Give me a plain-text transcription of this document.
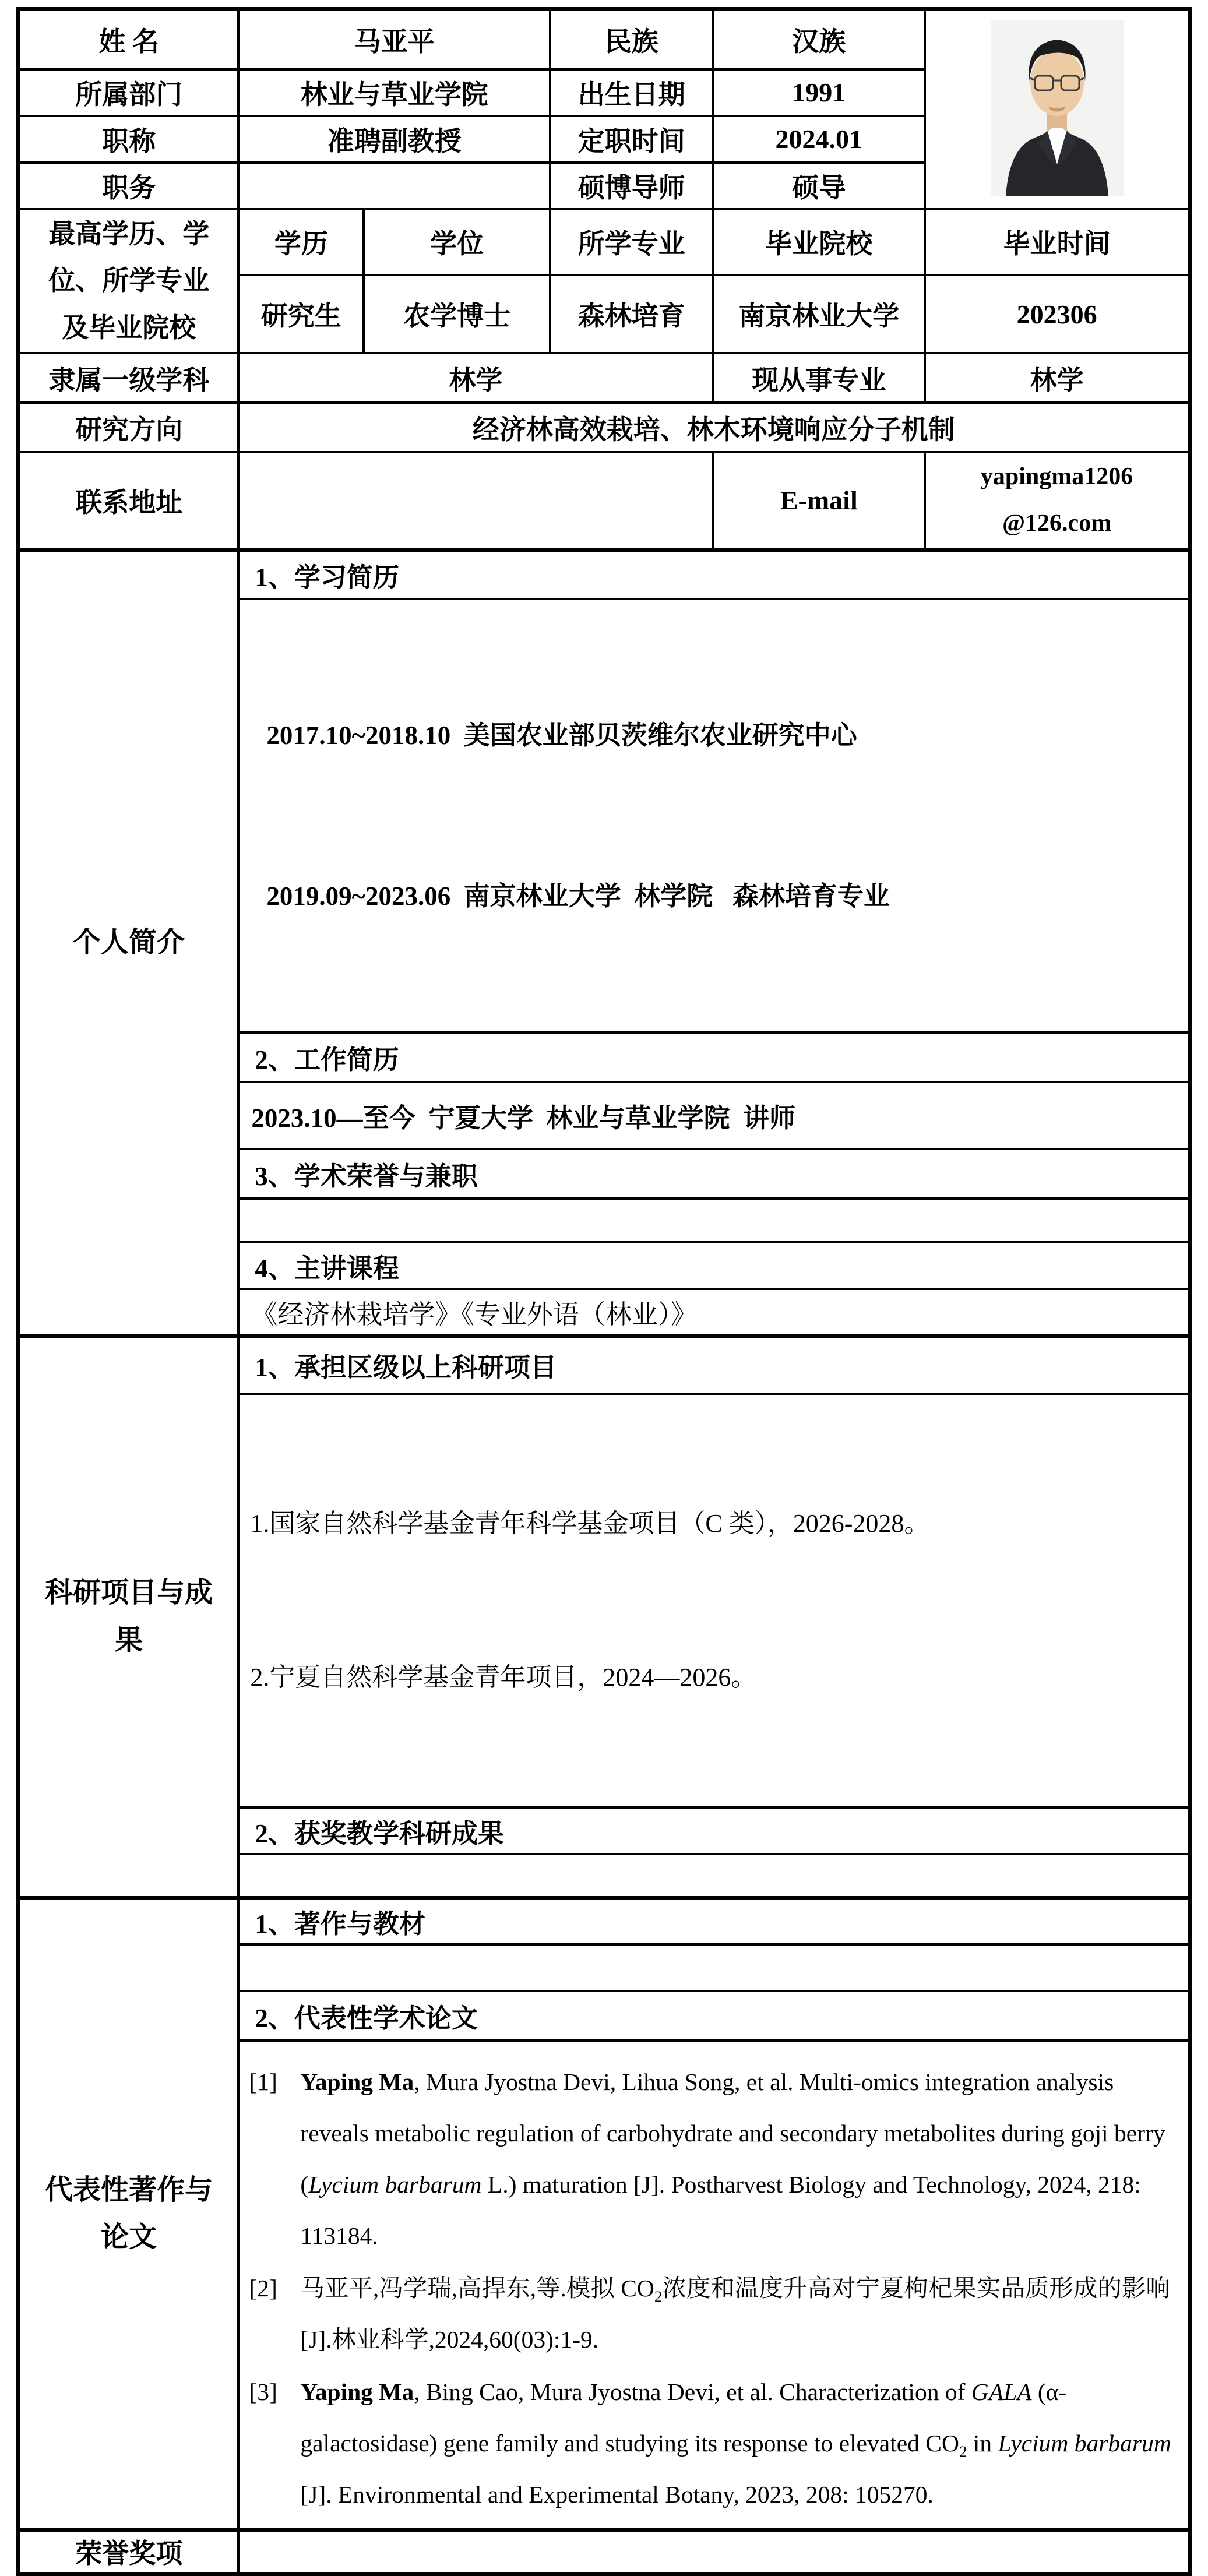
姓 名	马亚平		民族	汉族	
所属部门	林业与草业学院		出生日期	1991	
职称	准聘副教授		定职时间	2024.01	
职务			硕博导师	硕导	

最高学历、学
位、所学专业
及毕业院校	学历	学位	所学专业	毕业院校	毕业时间
	研究生	农学博士	森林培育	南京林业大学	202306
隶属一级学科	林学			现从事专业	林学
研究方向	经济林高效栽培、林木环境响应分子机制				
联系地址				E-mail	yapingma1206
@126.com

个人简介	1、学习简历				

	2017.10~2018.10  美国农业部贝茨维尔农业研究中心

2019.09~2023.06  南京林业大学  林学院   森林培育专业				

	2、工作简历				
	2023.10—至今  宁夏大学  林业与草业学院  讲师				
	3、学术荣誉与兼职				

	4、主讲课程				
	《经济林栽培学》《专业外语（林业）》				

科研项目与成
果	1、承担区级以上科研项目				

	1.国家自然科学基金青年科学基金项目（C 类），2026-2028。

2.宁夏自然科学基金青年项目，2024—2026。				

	2、获奖教学科研成果				

代表性著作与
论文	1、著作与教材				

	2、代表性学术论文				

[1] Yaping Ma, Mura Jyostna Devi, Lihua Song, et al. Multi-omics integration analysis reveals metabolic regulation of carbohydrate and secondary metabolites during goji berry (Lycium barbarum L.) maturation [J]. Postharvest Biology and Technology, 2024, 218: 113184.
[2] 马亚平,冯学瑞,高捍东,等.模拟 $CO_2$浓度和温度升高对宁夏枸杞果实品质形成的影响[J].林业科学,2024,60(03):1-9.
[3] Yaping Ma, Bing Cao, Mura Jyostna Devi, et al. Characterization of GALA (α-galactosidase) gene family and studying its response to elevated $CO_2$ in Lycium barbarum [J]. Environmental and Experimental Botany, 2023, 208: 105270.

荣誉奖项					
